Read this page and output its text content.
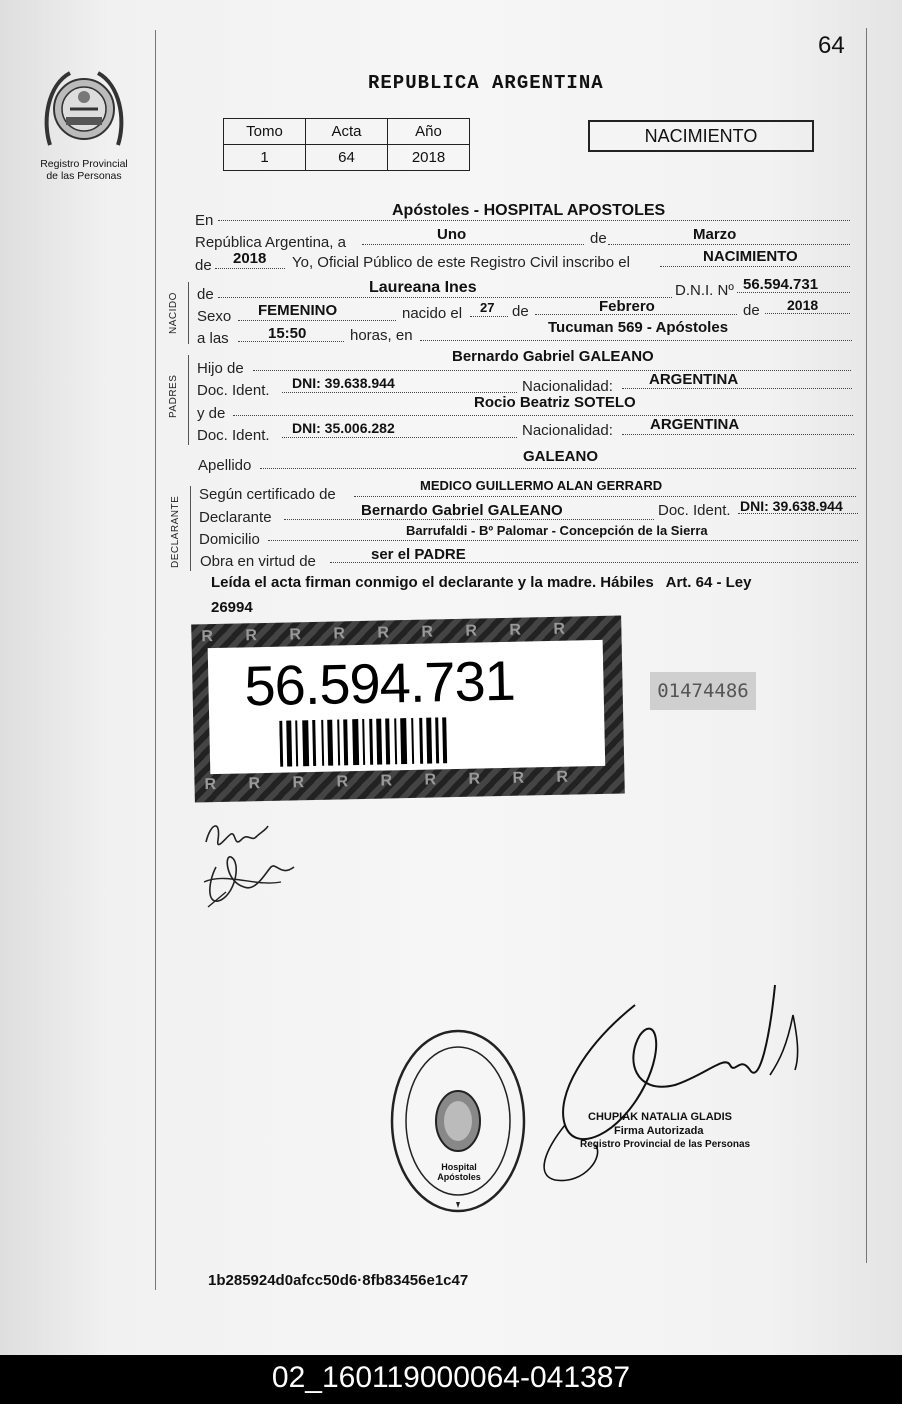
64
Registro Provincial
de las Personas
REPUBLICA ARGENTINA
Tomo	Acta	Año
1	64	2018
NACIMIENTO
En
Apóstoles - HOSPITAL APOSTOLES
República Argentina, a	Uno	de	Marzo
de 2018 Yo, Oficial Público de este Registro Civil inscribo el	NACIMIENTO
NACIDO de	Laureana Ines	D.N.I. Nº 56.594.731
Sexo FEMENINO	nacido el 27 de	Febrero	de 2018
a las	15:50	horas, en	Tucuman 569 - Apóstoles
PADRES
Hijo de
Bernardo Gabriel GALEANO
Doc. Ident. DNI: 39.638.944	Nacionalidad: ARGENTINA
y de
Rocio Beatriz SOTELO
Doc. Ident. DNI: 35.006.282	Nacionalidad: ARGENTINA
Apellido
GALEANO
DECLARANTE
Según certificado de
MEDICO GUILLERMO ALAN GERRARD
Declarante	Bernardo Gabriel GALEANO	Doc. Ident. DNI: 39.638.944
Domicilio
Barrufaldi - Bº Palomar - Concepción de la Sierra
Obra en virtud de	ser el PADRE
Leída el acta firman conmigo el declarante y la madre. Hábiles   Art. 64 - Ley
26994
R R R R R R R R R
R R R R R R R R R
56.594.731	01474486
Hospital Apóstoles
CHUPIAK NATALIA GLADIS
Firma Autorizada
Registro Provincial de las Personas
1b285924d0afcc50d6·8fb83456e1c47
02_160119000064-041387
